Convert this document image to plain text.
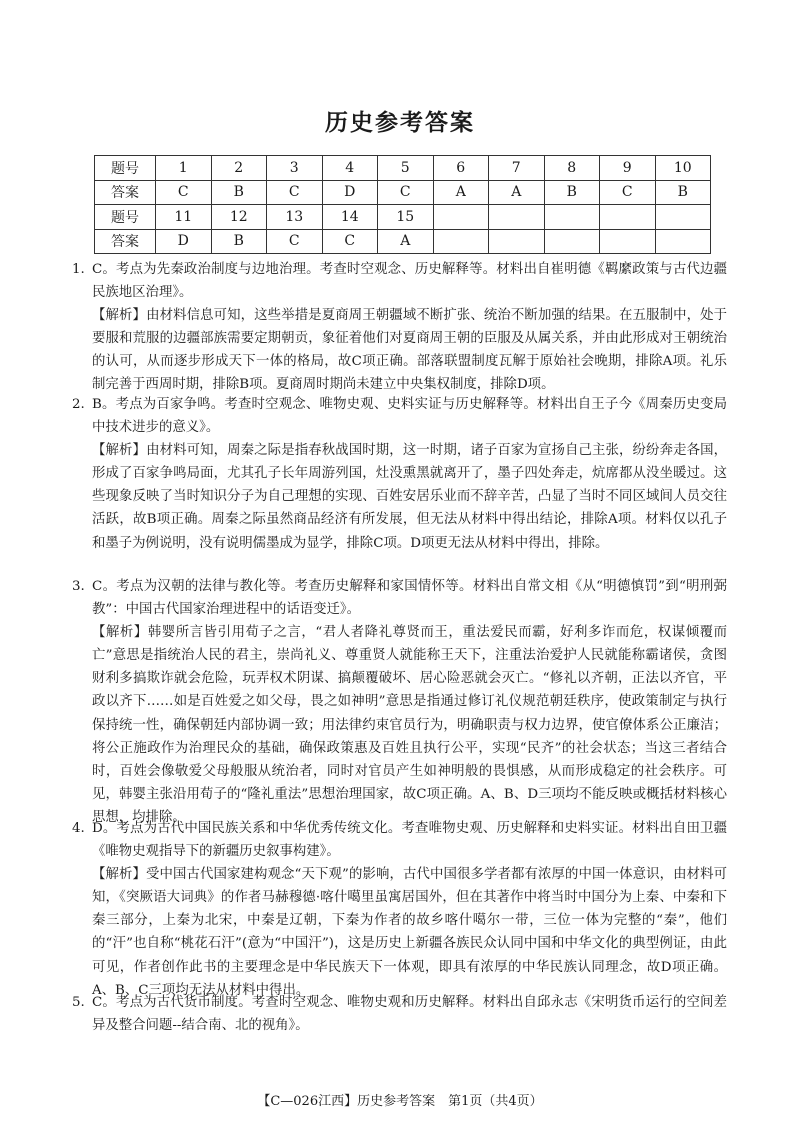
历史参考答案
题号	1	2	3	4	5	6	7	8	9	10
答案	C	B	C	D	C	A	A	B	C	B
题号	11	12	13	14	15					
答案	D	B	C	C	A					
1. C。考点为先秦政治制度与边地治理。考查时空观念、历史解释等。材料出自崔明德《羁縻政策与古代边疆民族地区治理》。

【解析】由材料信息可知，这些举措是夏商周王朝疆域不断扩张、统治不断加强的结果。在五服制中，处于要服和荒服的边疆部族需要定期朝贡，象征着他们对夏商周王朝的臣服及从属关系，并由此形成对王朝统治的认可，从而逐步形成天下一体的格局，故C项正确。部落联盟制度瓦解于原始社会晚期，排除A项。礼乐制完善于西周时期，排除B项。夏商周时期尚未建立中央集权制度，排除D项。

2. B。考点为百家争鸣。考查时空观念、唯物史观、史料实证与历史解释等。材料出自王子今《周秦历史变局中技术进步的意义》。

【解析】由材料可知，周秦之际是指春秋战国时期，这一时期，诸子百家为宣扬自己主张，纷纷奔走各国，形成了百家争鸣局面，尤其孔子长年周游列国，灶没熏黑就离开了，墨子四处奔走，炕席都从没坐暖过。这些现象反映了当时知识分子为自己理想的实现、百姓安居乐业而不辞辛苦，凸显了当时不同区域间人员交往活跃，故B项正确。周秦之际虽然商品经济有所发展，但无法从材料中得出结论，排除A项。材料仅以孔子和墨子为例说明，没有说明儒墨成为显学，排除C项。D项更无法从材料中得出，排除。

3. C。考点为汉朝的法律与教化等。考查历史解释和家国情怀等。材料出自常文相《从“明德慎罚”到“明刑弼教”：中国古代国家治理进程中的话语变迁》。

【解析】韩婴所言皆引用荀子之言，“君人者降礼尊贤而王，重法爱民而霸，好利多诈而危，权谋倾覆而亡”意思是指统治人民的君主，崇尚礼义、尊重贤人就能称王天下，注重法治爱护人民就能称霸诸侯，贪图财利多搞欺诈就会危险，玩弄权术阴谋、搞颠覆破坏、居心险恶就会灭亡。“修礼以齐朝，正法以齐官，平政以齐下……如是百姓爱之如父母，畏之如神明”意思是指通过修订礼仪规范朝廷秩序，使政策制定与执行保持统一性，确保朝廷内部协调一致；用法律约束官员行为，明确职责与权力边界，使官僚体系公正廉洁；将公正施政作为治理民众的基础，确保政策惠及百姓且执行公平，实现“民齐”的社会状态；当这三者结合时，百姓会像敬爱父母般服从统治者，同时对官员产生如神明般的畏惧感，从而形成稳定的社会秩序。可见，韩婴主张沿用荀子的“隆礼重法”思想治理国家，故C项正确。A、B、D三项均不能反映或概括材料核心思想，均排除。

4. D。考点为古代中国民族关系和中华优秀传统文化。考查唯物史观、历史解释和史料实证。材料出自田卫疆《唯物史观指导下的新疆历史叙事构建》。

【解析】受中国古代国家建构观念“天下观”的影响，古代中国很多学者都有浓厚的中国一体意识，由材料可知，《突厥语大词典》的作者马赫穆德·喀什噶里虽寓居国外，但在其著作中将当时中国分为上秦、中秦和下秦三部分，上秦为北宋，中秦是辽朝，下秦为作者的故乡喀什噶尔一带，三位一体为完整的“秦”，他们的“汗”也自称“桃花石汗”(意为“中国汗”)，这是历史上新疆各族民众认同中国和中华文化的典型例证，由此可见，作者创作此书的主要理念是中华民族天下一体观，即具有浓厚的中华民族认同理念，故D项正确。A、B、C三项均无法从材料中得出。

5. C。考点为古代货币制度。考查时空观念、唯物史观和历史解释。材料出自邱永志《宋明货币运行的空间差异及整合问题--结合南、北的视角》。

【C—026江西】历史参考答案　第1页（共4页）
